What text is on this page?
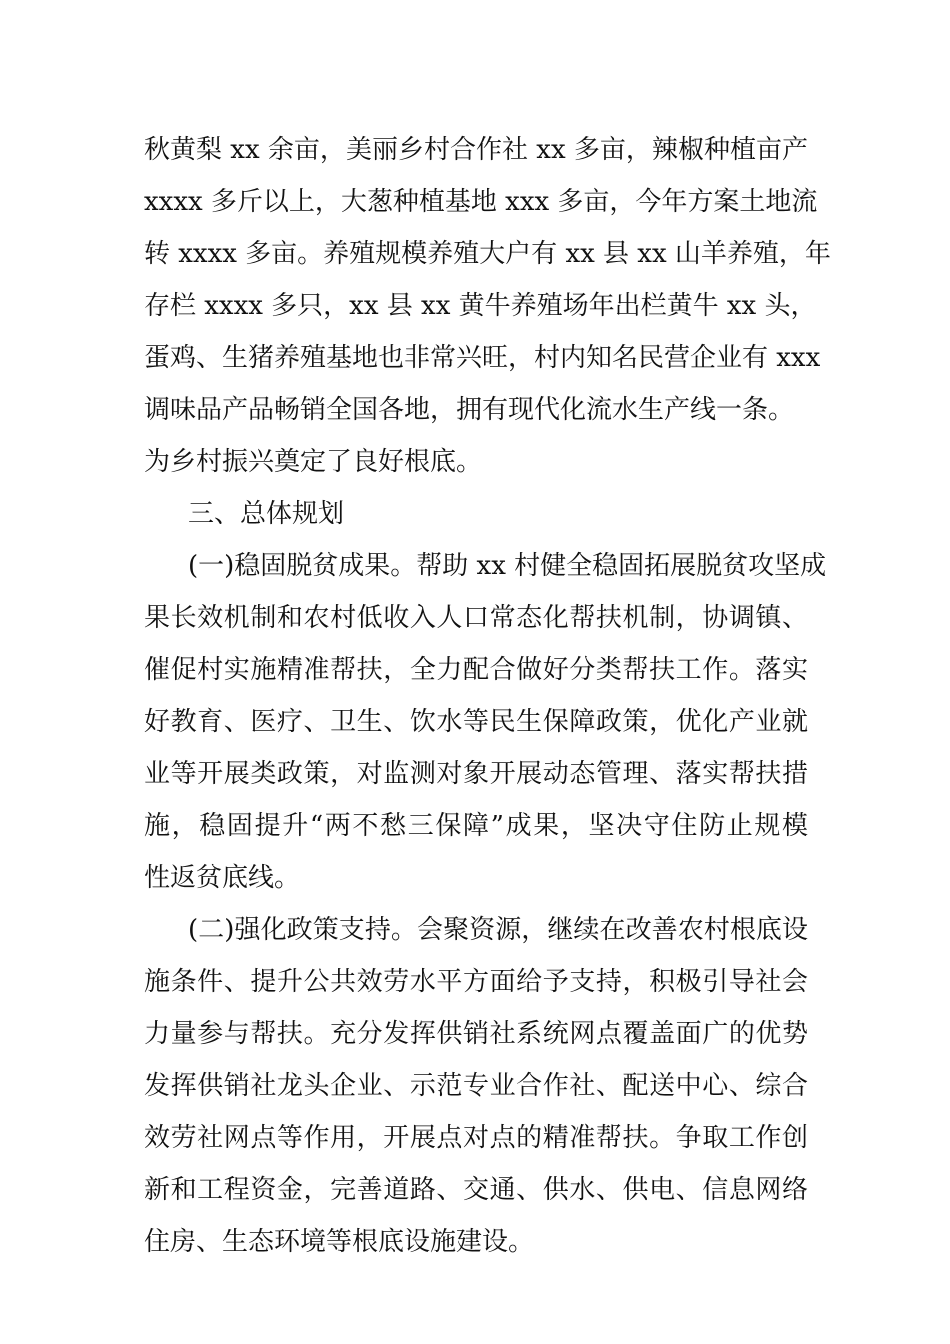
秋黄梨 xx 余亩，美丽乡村合作社 xx 多亩，辣椒种植亩产
xxxx 多斤以上，大葱种植基地 xxx 多亩，今年方案土地流
转 xxxx 多亩。养殖规模养殖大户有 xx 县 xx 山羊养殖，年
存栏 xxxx 多只，xx 县 xx 黄牛养殖场年出栏黄牛 xx 头，
蛋鸡、生猪养殖基地也非常兴旺，村内知名民营企业有 xxx
调味品产品畅销全国各地，拥有现代化流水生产线一条。
为乡村振兴奠定了良好根底。
三、总体规划
(一)稳固脱贫成果。帮助 xx 村健全稳固拓展脱贫攻坚成
果长效机制和农村低收入人口常态化帮扶机制，协调镇、
催促村实施精准帮扶，全力配合做好分类帮扶工作。落实
好教育、医疗、卫生、饮水等民生保障政策，优化产业就
业等开展类政策，对监测对象开展动态管理、落实帮扶措
施，稳固提升“两不愁三保障”成果，坚决守住防止规模
性返贫底线。
(二)强化政策支持。会聚资源，继续在改善农村根底设
施条件、提升公共效劳水平方面给予支持，积极引导社会
力量参与帮扶。充分发挥供销社系统网点覆盖面广的优势
发挥供销社龙头企业、示范专业合作社、配送中心、综合
效劳社网点等作用，开展点对点的精准帮扶。争取工作创
新和工程资金，完善道路、交通、供水、供电、信息网络
住房、生态环境等根底设施建设。
